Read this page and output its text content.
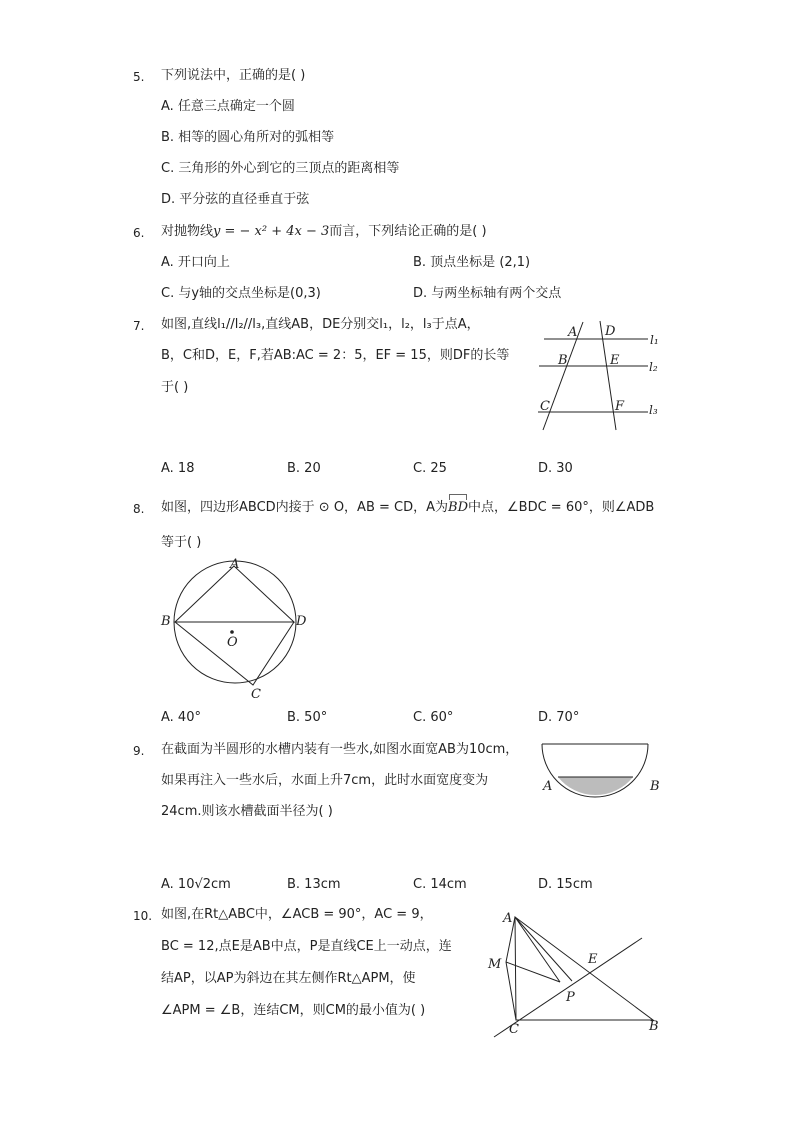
5. 下列说法中，正确的是( )
A. 任意三点确定一个圆
B. 相等的圆心角所对的弧相等
C. 三角形的外心到它的三顶点的距离相等
D. 平分弦的直径垂直于弦
6. 对抛物线y = − x² + 4x − 3而言，下列结论正确的是( )
A. 开口向上	B. 顶点坐标是 (2,1)
C. 与y轴的交点坐标是(0,3)	D. 与两坐标轴有两个交点
7. 如图,直线l₁//l₂//l₃,直线AB，DE分别交l₁，l₂，l₃于点A，
B，C和D，E，F,若AB:AC = 2：5，EF = 15，则DF的长等
于( )
A D
B	E
C	F
l₁
l₂
l₃
A. 18	B. 20	C. 25	D. 30
8. 如图，四边形ABCD内接于 ⊙ O，AB = CD，A为
BD中点，∠BDC = 60°，则∠ADB
等于( )
A
B	D
C
O
A. 40°	B. 50°	C. 60°	D. 70°
9. 在截面为半圆形的水槽内装有一些水,如图水面宽AB为10cm，
如果再注入一些水后，水面上升7cm，此时水面宽度变为
24cm.则该水槽截面半径为( )
A	B
A. 10√2cm	B. 13cm	C. 14cm	D. 15cm
10. 如图,在Rt△ABC中，∠ACB = 90°，AC = 9，
BC = 12,点E是AB中点，P是直线CE上一动点，连
结AP，以AP为斜边在其左侧作Rt△APM，使
∠APM = ∠B，连结CM，则CM的最小值为( )
A
M	E
P
C	B
